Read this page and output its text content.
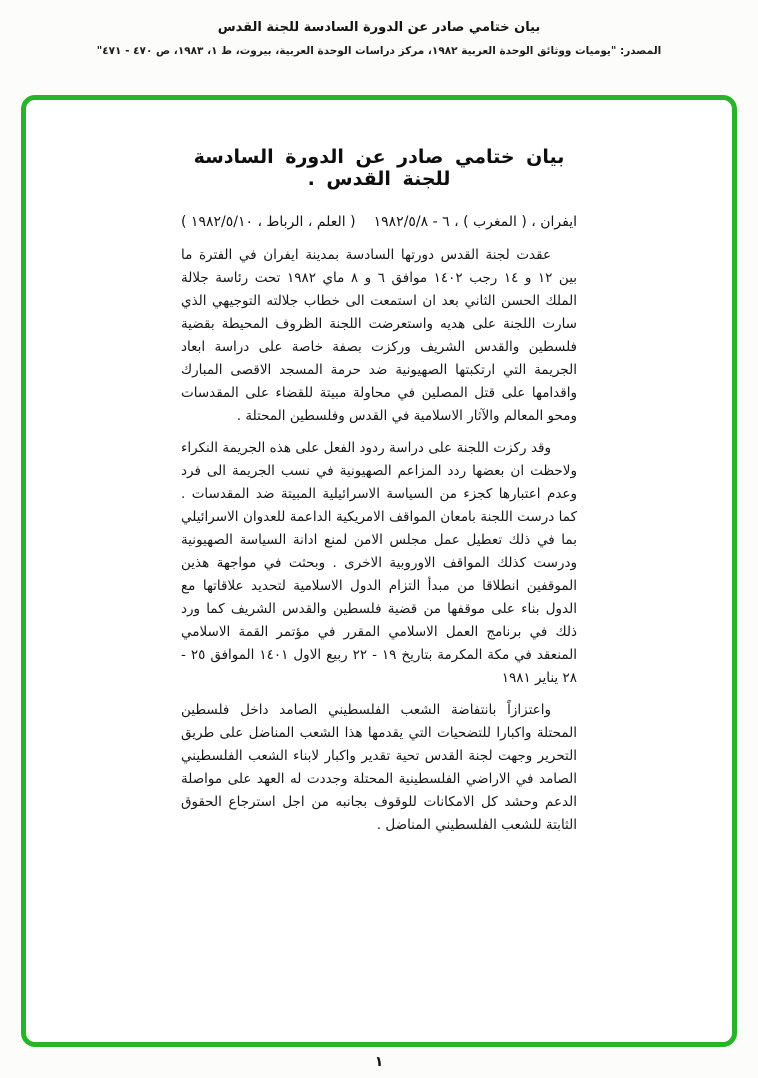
بيان ختامي صادر عن الدورة السادسة للجنة القدس
المصدر: "يوميات ووثائق الوحدة العربية ١٩٨٢، مركز دراسات الوحدة العربية، بيروت، ط ١، ١٩٨٣، ص ٤٧٠ - ٤٧١"
بيان ختامي صادر عن الدورة السادسة للجنة القدس .
ايفران ، ( المغرب ) ، ٦ - ١٩٨٢/٥/٨
( العلم ، الرباط ، ١٩٨٢/٥/١٠ )

عقدت لجنة القدس دورتها السادسة بمدينة ايفران في الفترة ما بين ١٢ و ١٤ رجب ١٤٠٢ موافق ٦ و ٨ ماي ١٩٨٢ تحت رئاسة جلالة الملك الحسن الثاني بعد ان استمعت الى خطاب جلالته التوجيهي الذي سارت اللجنة على هديه واستعرضت اللجنة الظروف المحيطة بقضية فلسطين والقدس الشريف وركزت بصفة خاصة على دراسة ابعاد الجريمة التي ارتكبتها الصهيونية ضد حرمة المسجد الاقصى المبارك واقدامها على قتل المصلين في محاولة مبيتة للقضاء على المقدسات ومحو المعالم والآثار الاسلامية في القدس وفلسطين المحتلة .

وقد ركزت اللجنة على دراسة ردود الفعل على هذه الجريمة النكراء ولاحظت ان بعضها ردد المزاعم الصهيونية في نسب الجريمة الى فرد وعدم اعتبارها كجزء من السياسة الاسرائيلية المبيتة ضد المقدسات . كما درست اللجنة بامعان المواقف الامريكية الداعمة للعدوان الاسرائيلي بما في ذلك تعطيل عمل مجلس الامن لمنع ادانة السياسة الصهيونية ودرست كذلك المواقف الاوروبية الاخرى . وبحثت في مواجهة هذين الموقفين انطلاقا من مبدأ التزام الدول الاسلامية لتحديد علاقاتها مع الدول بناء على موقفها من قضية فلسطين والقدس الشريف كما ورد ذلك في برنامج العمل الاسلامي المقرر في مؤتمر القمة الاسلامي المنعقد في مكة المكرمة بتاريخ ١٩ - ٢٢ ربيع الاول ١٤٠١ الموافق ٢٥ - ٢٨ يناير ١٩٨١

واعتزازاً بانتفاضة الشعب الفلسطيني الصامد داخل فلسطين المحتلة واكبارا للتضحيات التي يقدمها هذا الشعب المناضل على طريق التحرير وجهت لجنة القدس تحية تقدير واكبار لابناء الشعب الفلسطيني الصامد في الاراضي الفلسطينية المحتلة وجددت له العهد على مواصلة الدعم وحشد كل الامكانات للوقوف بجانبه من اجل استرجاع الحقوق الثابتة للشعب الفلسطيني المناضل .

١
